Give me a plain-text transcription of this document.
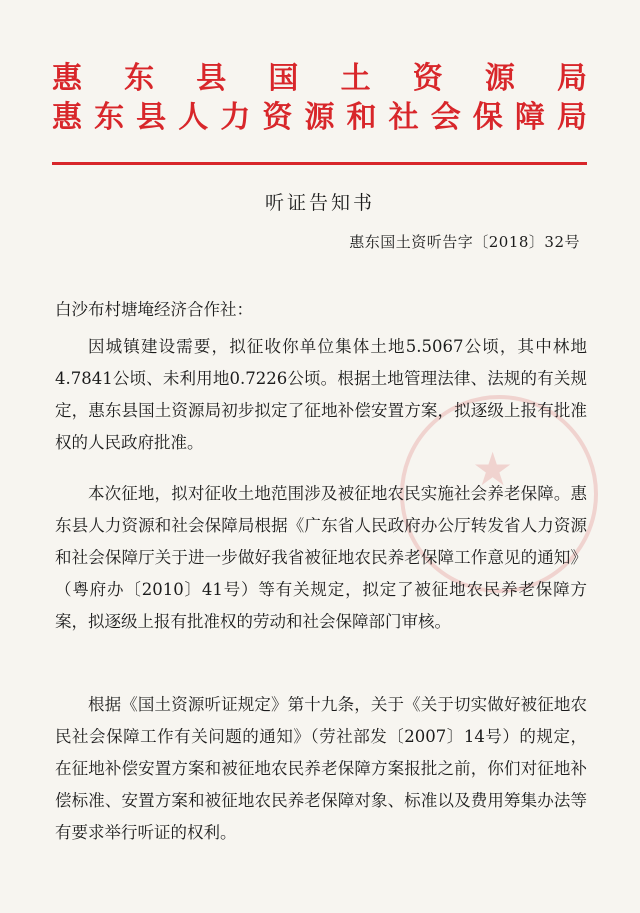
惠 东 县 国 土 资 源 局
惠 东 县 人 力 资 源 和 社 会 保 障 局
★
听证告知书
惠东国土资听告字〔2018〕32号
白沙布村塘埯经济合作社：
因城镇建设需要，拟征收你单位集体土地5.5067公顷，其中林地4.7841公顷、未利用地0.7226公顷。根据土地管理法律、法规的有关规定，惠东县国土资源局初步拟定了征地补偿安置方案，拟逐级上报有批准权的人民政府批准。
本次征地，拟对征收土地范围涉及被征地农民实施社会养老保障。惠东县人力资源和社会保障局根据《广东省人民政府办公厅转发省人力资源和社会保障厅关于进一步做好我省被征地农民养老保障工作意见的通知》（粤府办〔2010〕41号）等有关规定，拟定了被征地农民养老保障方案，拟逐级上报有批准权的劳动和社会保障部门审核。
根据《国土资源听证规定》第十九条，关于《关于切实做好被征地农民社会保障工作有关问题的通知》（劳社部发〔2007〕14号）的规定，在征地补偿安置方案和被征地农民养老保障方案报批之前，你们对征地补偿标准、安置方案和被征地农民养老保障对象、标准以及费用筹集办法等有要求举行听证的权利。
